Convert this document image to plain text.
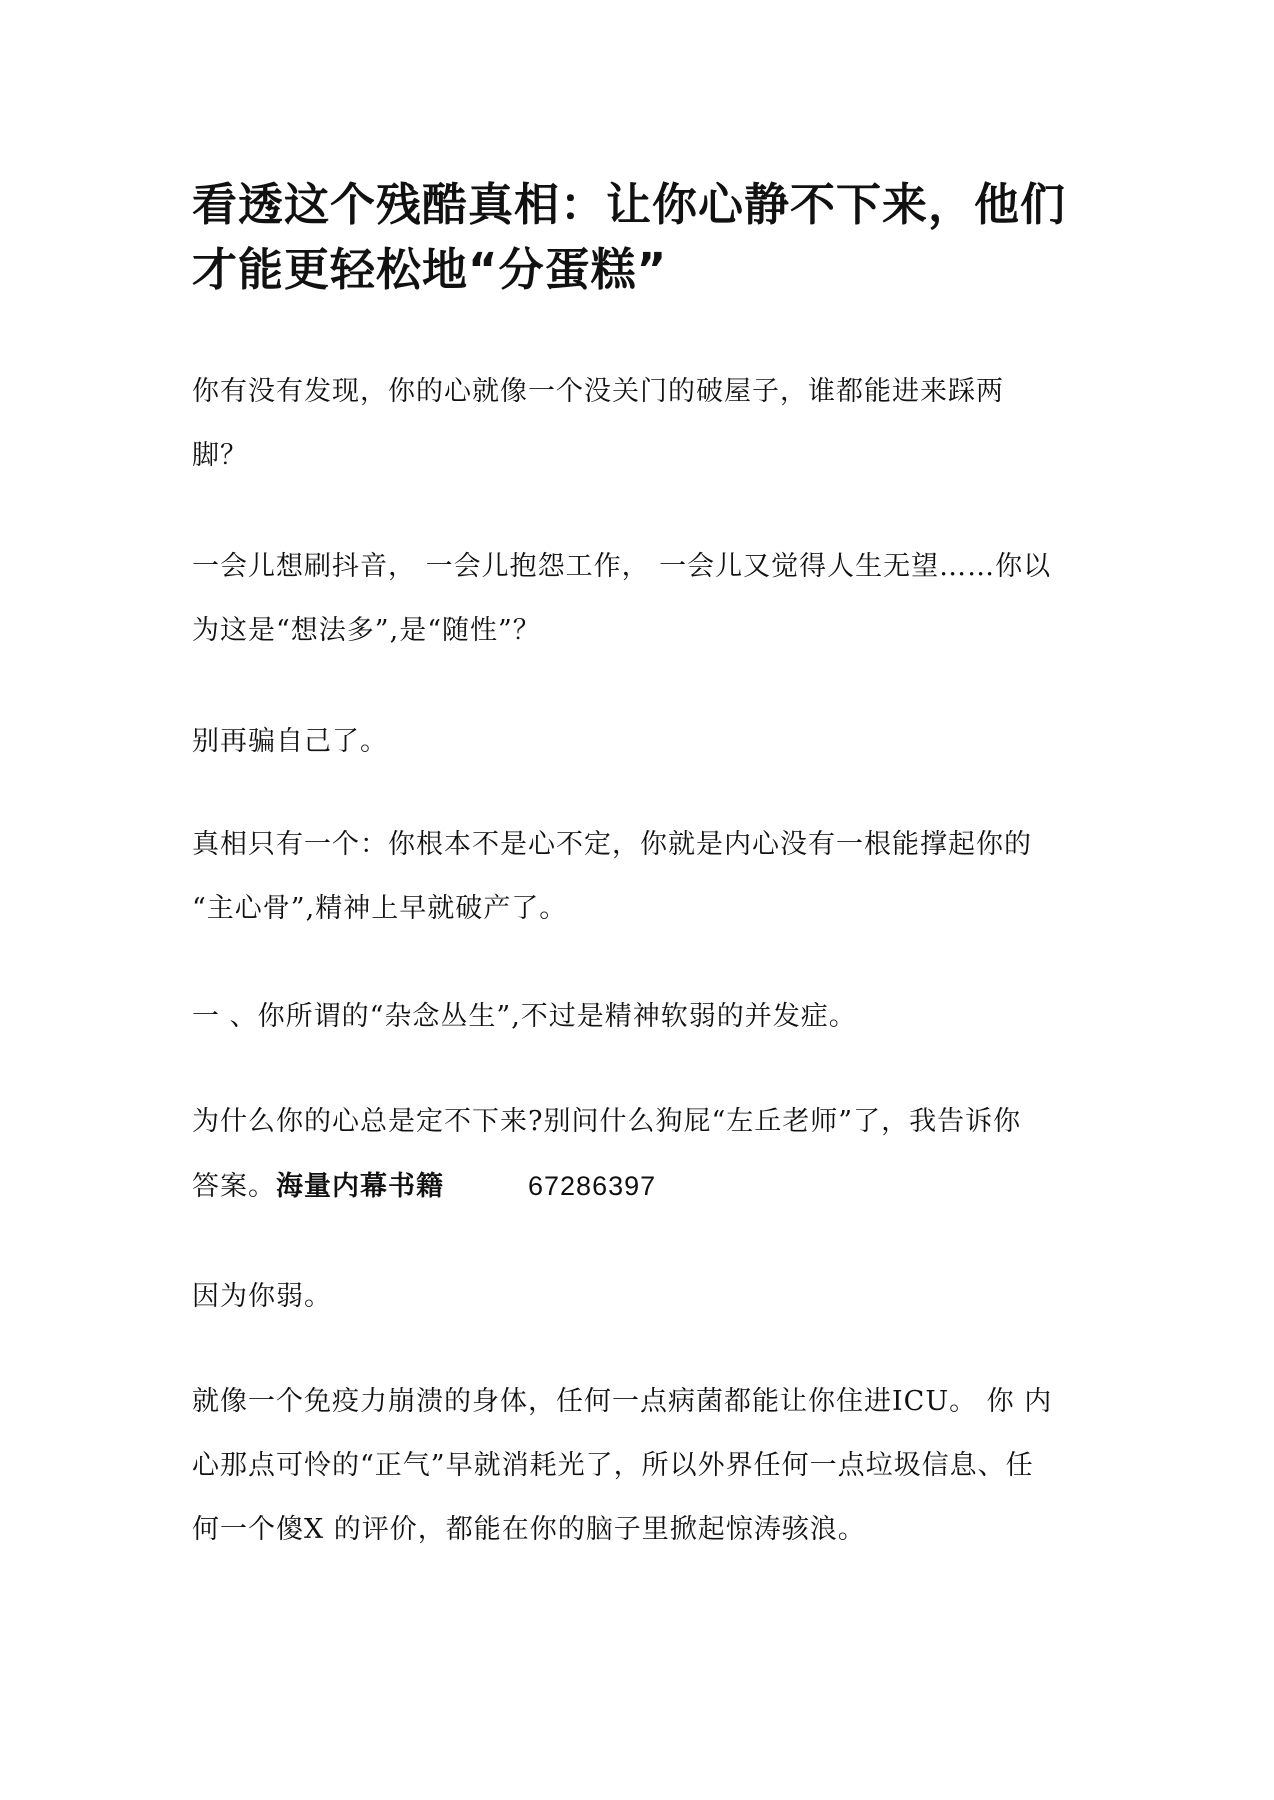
看透这个残酷真相：让你心静不下来，他们
才能更轻松地“分蛋糕”

你有没有发现，你的心就像一个没关门的破屋子，谁都能进来踩两
脚？

一会儿想刷抖音， 一会儿抱怨工作， 一会儿又觉得人生无望……你以
为这是“想法多”,是“随性”？

别再骗自己了。

真相只有一个：你根本不是心不定，你就是内心没有一根能撑起你的
“主心骨”,精神上早就破产了。

一 、你所谓的“杂念丛生”,不过是精神软弱的并发症。

为什么你的心总是定不下来?别问什么狗屁“左丘老师”了，我告诉你
答案。海量内幕书籍	67286397

因为你弱。

就像一个免疫力崩溃的身体，任何一点病菌都能让你住进ICU。 你 内
心那点可怜的“正气”早就消耗光了，所以外界任何一点垃圾信息、任
何一个傻X 的评价，都能在你的脑子里掀起惊涛骇浪。
